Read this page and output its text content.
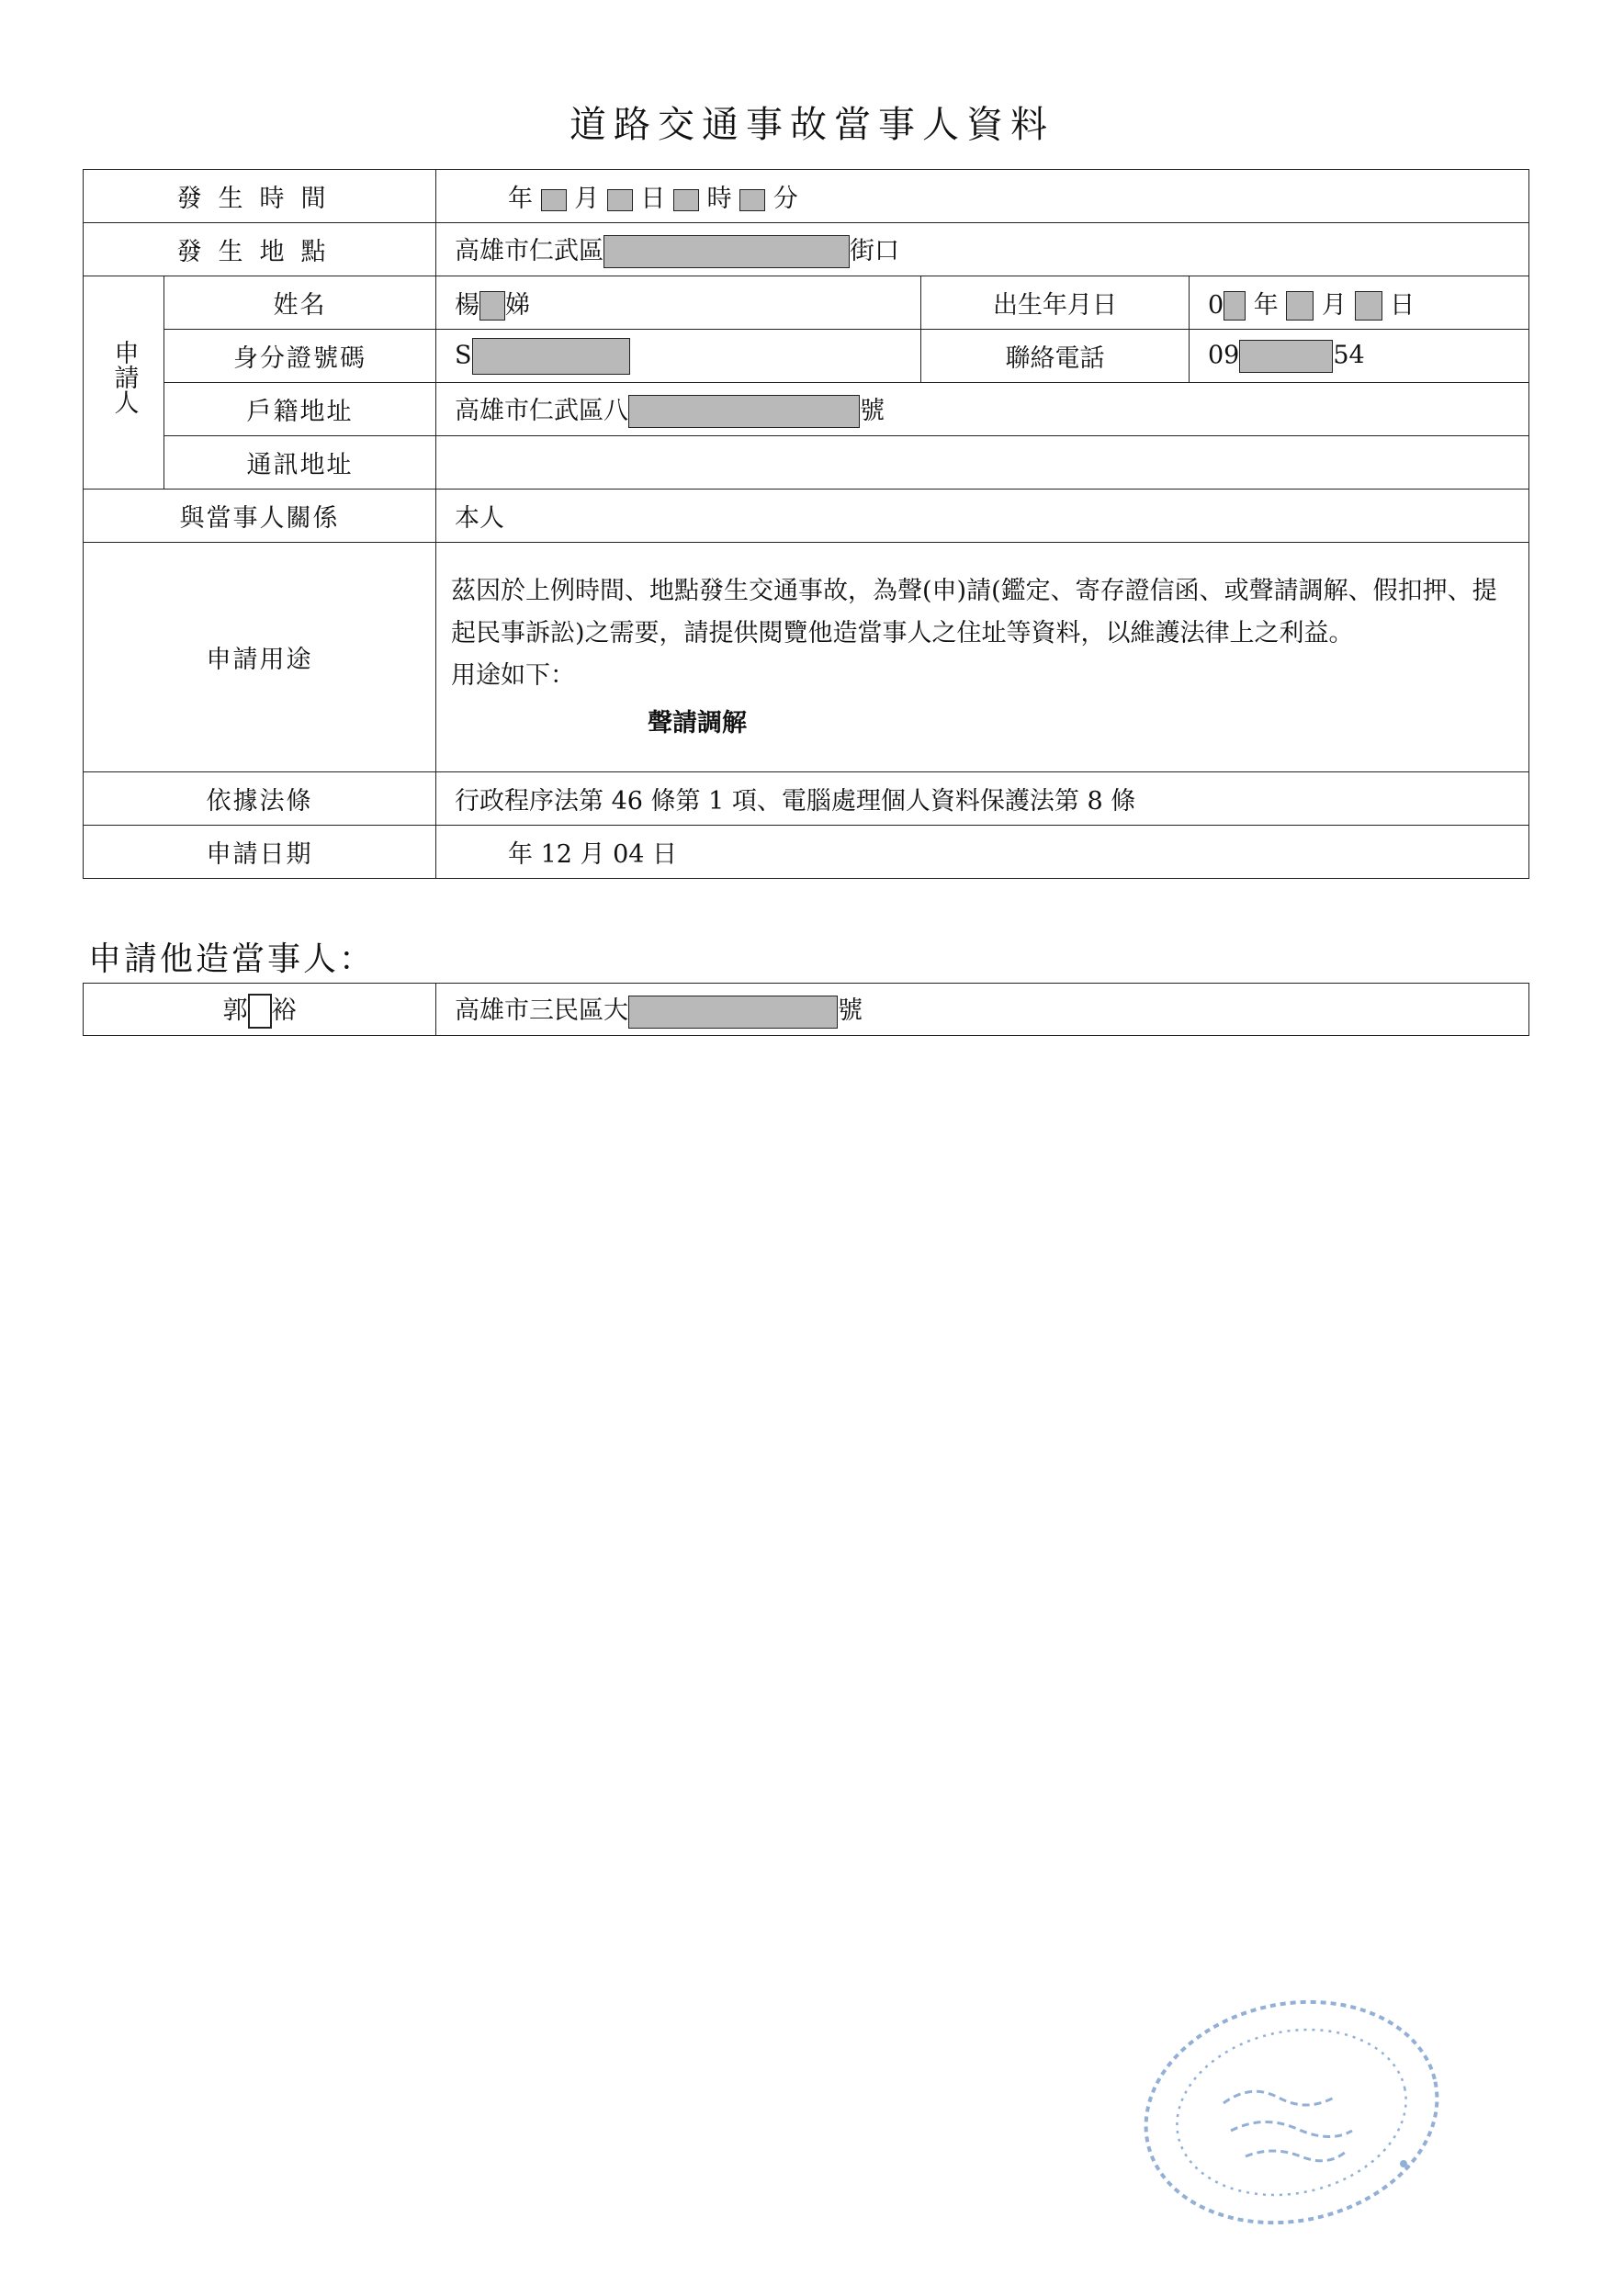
道路交通事故當事人資料
發生時間		年 月 日 時 分		
發生地點		高雄市仁武區 街口		
申請人	姓名	楊 娣	出生年月日	0 年 月 日
	身分證號碼	S	聯絡電話	09 54
	戶籍地址	高雄市仁武區八 號		
	通訊地址			
與當事人關係		本人		
申請用途		茲因於上例時間、地點發生交通事故，為聲(申)請(鑑定、寄存證信函、或聲請調解、假扣押、提起民事訴訟)之需要，請提供閱覽他造當事人之住址等資料，以維護法律上之利益。
用途如下：
聲請調解		

依據法條		行政程序法第 46 條第 1 項、電腦處理個人資料保護法第 8 條		
申請日期		年 12 月 04 日		
申請他造當事人：
郭 裕	高雄市三民區大	號
